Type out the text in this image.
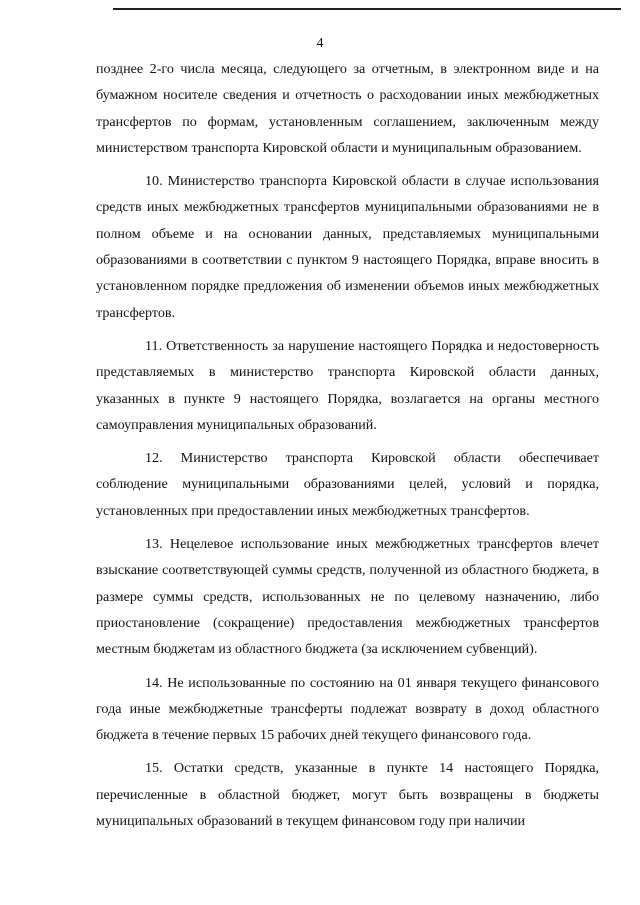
4

позднее 2-го числа месяца, следующего за отчетным, в электронном виде и на бумажном носителе сведения и отчетность о расходовании иных межбюджетных трансфертов по формам, установленным соглашением, заключенным между министерством транспорта Кировской области и муниципальным образованием.

10. Министерство транспорта Кировской области в случае использования средств иных межбюджетных трансфертов муниципальными образованиями не в полном объеме и на основании данных, представляемых муниципальными образованиями в соответствии с пунктом 9 настоящего Порядка, вправе вносить в установленном порядке предложения об изменении объемов иных межбюджетных трансфертов.

11. Ответственность за нарушение настоящего Порядка и недостоверность представляемых в министерство транспорта Кировской области данных, указанных в пункте 9 настоящего Порядка, возлагается на органы местного самоуправления муниципальных образований.

12. Министерство транспорта Кировской области обеспечивает соблюдение муниципальными образованиями целей, условий и порядка, установленных при предоставлении иных межбюджетных трансфертов.

13. Нецелевое использование иных межбюджетных трансфертов влечет взыскание соответствующей суммы средств, полученной из областного бюджета, в размере суммы средств, использованных не по целевому назначению, либо приостановление (сокращение) предоставления межбюджетных трансфертов местным бюджетам из областного бюджета (за исключением субвенций).

14. Не использованные по состоянию на 01 января текущего финансового года иные межбюджетные трансферты подлежат возврату в доход областного бюджета в течение первых 15 рабочих дней текущего финансового года.

15. Остатки средств, указанные в пункте 14 настоящего Порядка, перечисленные в областной бюджет, могут быть возвращены в бюджеты муниципальных образований в текущем финансовом году при наличии
